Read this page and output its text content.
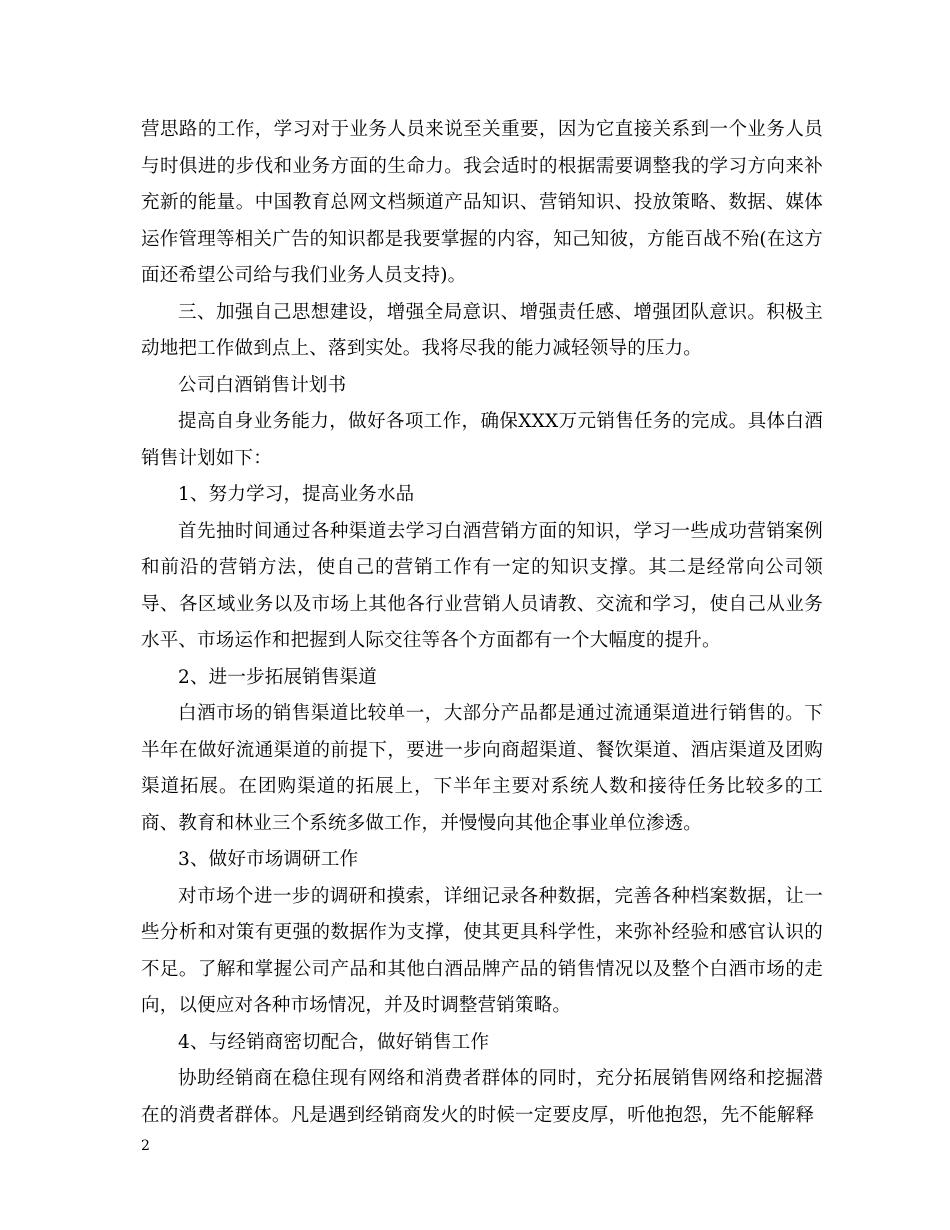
营思路的工作，学习对于业务人员来说至关重要，因为它直接关系到一个业务人员与时俱进的步伐和业务方面的生命力。我会适时的根据需要调整我的学习方向来补充新的能量。中国教育总网文档频道产品知识、营销知识、投放策略、数据、媒体运作管理等相关广告的知识都是我要掌握的内容，知己知彼，方能百战不殆(在这方面还希望公司给与我们业务人员支持)。

三、加强自己思想建设，增强全局意识、增强责任感、增强团队意识。积极主动地把工作做到点上、落到实处。我将尽我的能力减轻领导的压力。

公司白酒销售计划书

提高自身业务能力，做好各项工作，确保XXX万元销售任务的完成。具体白酒销售计划如下：

1、努力学习，提高业务水品

首先抽时间通过各种渠道去学习白酒营销方面的知识，学习一些成功营销案例和前沿的营销方法，使自己的营销工作有一定的知识支撑。其二是经常向公司领导、各区域业务以及市场上其他各行业营销人员请教、交流和学习，使自己从业务水平、市场运作和把握到人际交往等各个方面都有一个大幅度的提升。

2、进一步拓展销售渠道

白酒市场的销售渠道比较单一，大部分产品都是通过流通渠道进行销售的。下半年在做好流通渠道的前提下，要进一步向商超渠道、餐饮渠道、酒店渠道及团购渠道拓展。在团购渠道的拓展上，下半年主要对系统人数和接待任务比较多的工商、教育和林业三个系统多做工作，并慢慢向其他企事业单位渗透。

3、做好市场调研工作

对市场个进一步的调研和摸索，详细记录各种数据，完善各种档案数据，让一些分析和对策有更强的数据作为支撑，使其更具科学性，来弥补经验和感官认识的不足。了解和掌握公司产品和其他白酒品牌产品的销售情况以及整个白酒市场的走向，以便应对各种市场情况，并及时调整营销策略。

4、与经销商密切配合，做好销售工作

协助经销商在稳住现有网络和消费者群体的同时，充分拓展销售网络和挖掘潜在的消费者群体。凡是遇到经销商发火的时候一定要皮厚，听他抱怨，先不能解释

2
